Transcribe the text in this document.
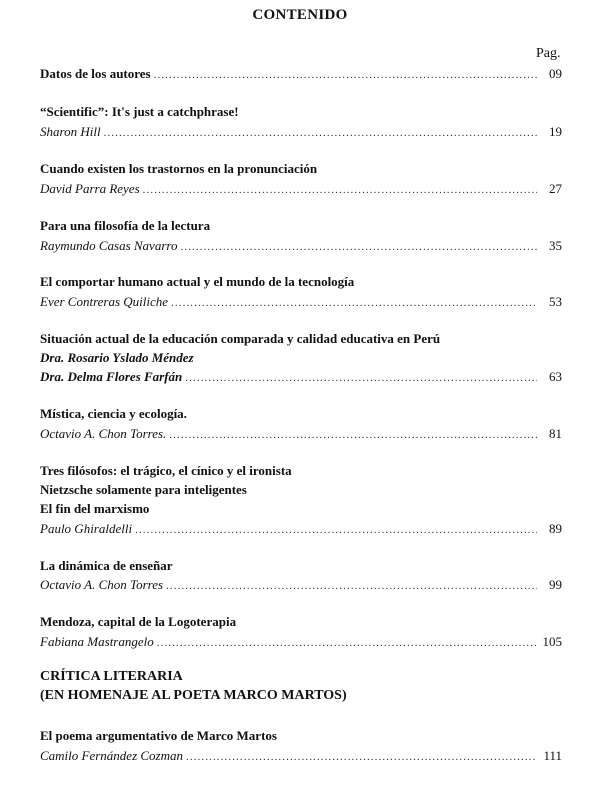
CONTENIDO
Pag.
Datos de los autores .....	09
“Scientific”: It's just a catchphrase!
Sharon Hill .....	19
Cuando existen los trastornos en la pronunciación
David Parra Reyes .....	27
Para una filosofía de la lectura
Raymundo Casas Navarro .....	35
El comportar humano actual y el mundo de la tecnología
Ever Contreras Quiliche .....	53
Situación actual de la educación comparada y calidad educativa en Perú
Dra. Rosario Yslado Méndez
Dra. Delma Flores Farfán .....	63
Mística, ciencia y ecología.
Octavio A. Chon Torres. .....	81
Tres filósofos: el trágico, el cínico y el ironista
Nietzsche solamente para inteligentes
El fin del marxismo
Paulo Ghiraldelli .....	89
La dinámica de enseñar
Octavio A. Chon Torres .....	99
Mendoza, capital de la Logoterapia
Fabiana Mastrangelo .....	105
CRÍTICA LITERARIA
(EN HOMENAJE AL POETA MARCO MARTOS)
El poema argumentativo de Marco Martos
Camilo Fernández Cozman .....	111
